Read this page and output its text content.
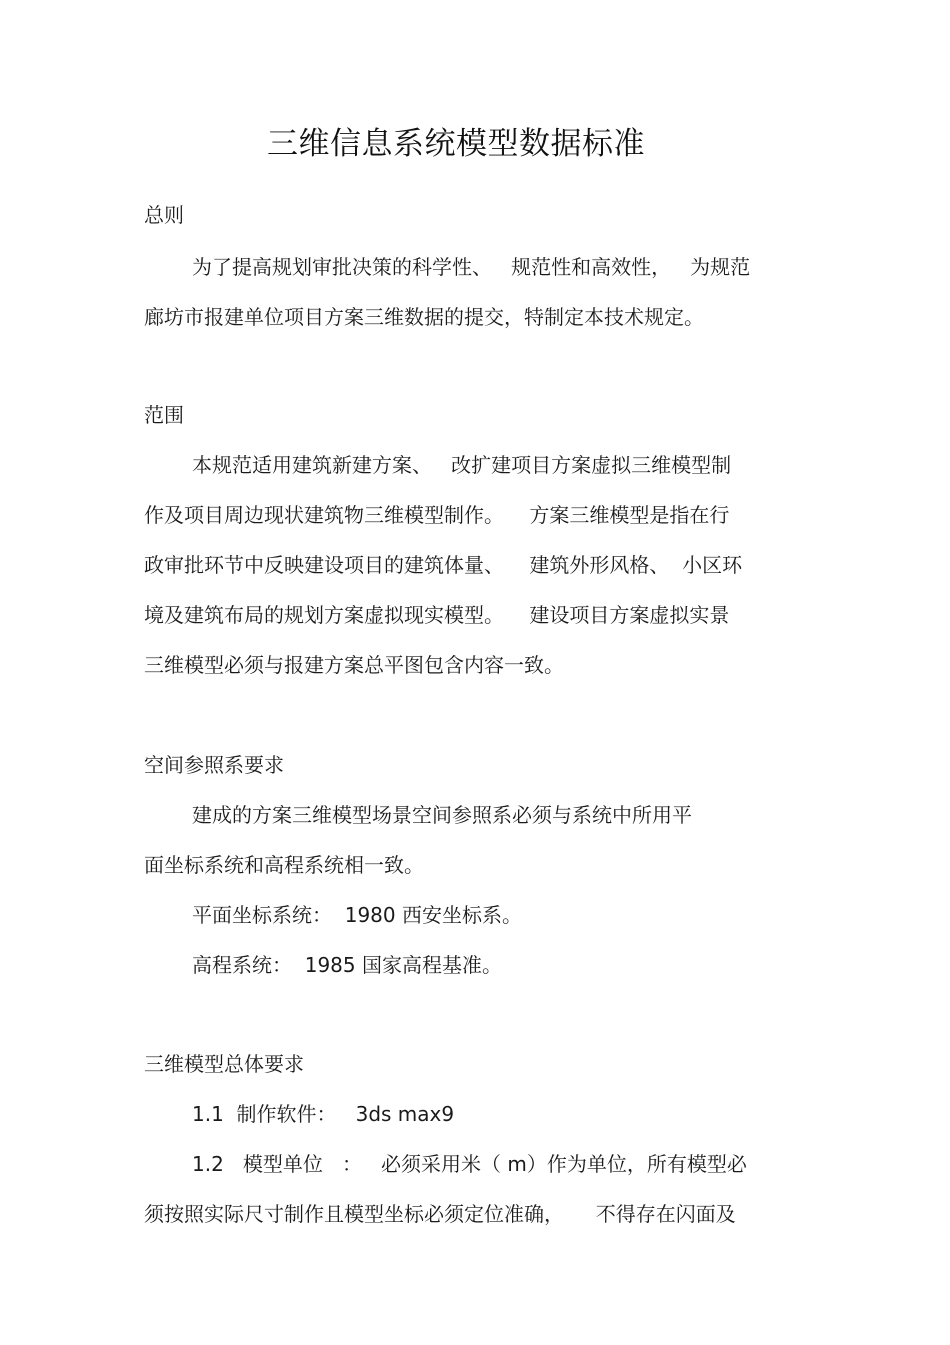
三维信息系统模型数据标准
总则
为了提高规划审批决策的科学性、   规范性和高效性，   为规范
廊坊市报建单位项目方案三维数据的提交，特制定本技术规定。
范围
本规范适用建筑新建方案、   改扩建项目方案虚拟三维模型制
作及项目周边现状建筑物三维模型制作。    方案三维模型是指在行
政审批环节中反映建设项目的建筑体量、    建筑外形风格、  小区环
境及建筑布局的规划方案虚拟现实模型。    建设项目方案虚拟实景
三维模型必须与报建方案总平图包含内容一致。
空间参照系要求
建成的方案三维模型场景空间参照系必须与系统中所用平
面坐标系统和高程系统相一致。
平面坐标系统：  1980 西安坐标系。
高程系统：  1985 国家高程基准。
三维模型总体要求
1.1  制作软件：   3ds max9
1.2   模型单位   ：   必须采用米（ m）作为单位，所有模型必
须按照实际尺寸制作且模型坐标必须定位准确，     不得存在闪面及
